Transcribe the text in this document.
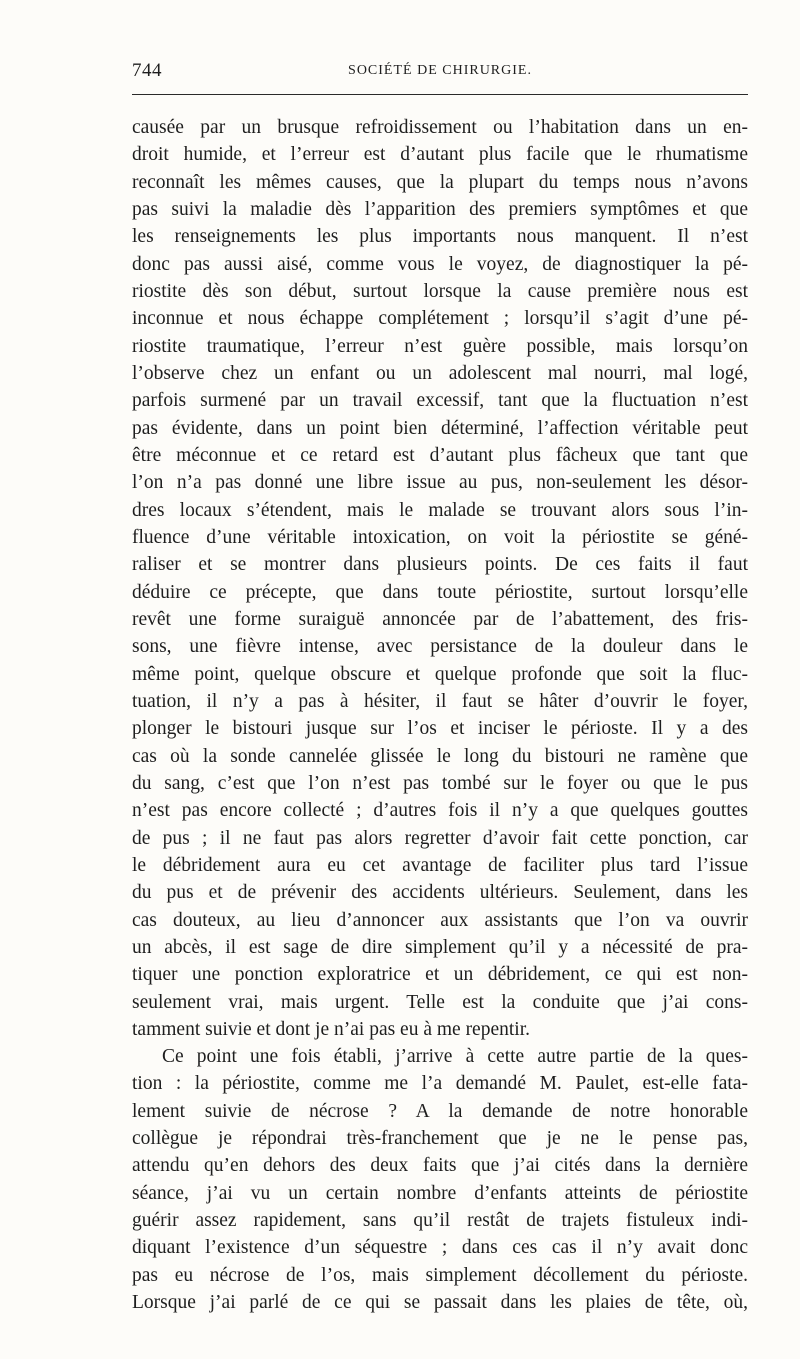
744	SOCIÉTÉ DE CHIRURGIE.
causée par un brusque refroidissement ou l’habitation dans un en-
droit humide, et l’erreur est d’autant plus facile que le rhumatisme
reconnaît les mêmes causes, que la plupart du temps nous n’avons
pas suivi la maladie dès l’apparition des premiers symptômes et que
les renseignements les plus importants nous manquent. Il n’est
donc pas aussi aisé, comme vous le voyez, de diagnostiquer la pé-
riostite dès son début, surtout lorsque la cause première nous est
inconnue et nous échappe complétement ; lorsqu’il s’agit d’une pé-
riostite traumatique, l’erreur n’est guère possible, mais lorsqu’on
l’observe chez un enfant ou un adolescent mal nourri, mal logé,
parfois surmené par un travail excessif, tant que la fluctuation n’est
pas évidente, dans un point bien déterminé, l’affection véritable peut
être méconnue et ce retard est d’autant plus fâcheux que tant que
l’on n’a pas donné une libre issue au pus, non-seulement les désor-
dres locaux s’étendent, mais le malade se trouvant alors sous l’in-
fluence d’une véritable intoxication, on voit la périostite se géné-
raliser et se montrer dans plusieurs points. De ces faits il faut
déduire ce précepte, que dans toute périostite, surtout lorsqu’elle
revêt une forme suraiguë annoncée par de l’abattement, des fris-
sons, une fièvre intense, avec persistance de la douleur dans le
même point, quelque obscure et quelque profonde que soit la fluc-
tuation, il n’y a pas à hésiter, il faut se hâter d’ouvrir le foyer,
plonger le bistouri jusque sur l’os et inciser le périoste. Il y a des
cas où la sonde cannelée glissée le long du bistouri ne ramène que
du sang, c’est que l’on n’est pas tombé sur le foyer ou que le pus
n’est pas encore collecté ; d’autres fois il n’y a que quelques gouttes
de pus ; il ne faut pas alors regretter d’avoir fait cette ponction, car
le débridement aura eu cet avantage de faciliter plus tard l’issue
du pus et de prévenir des accidents ultérieurs. Seulement, dans les
cas douteux, au lieu d’annoncer aux assistants que l’on va ouvrir
un abcès, il est sage de dire simplement qu’il y a nécessité de pra-
tiquer une ponction exploratrice et un débridement, ce qui est non-
seulement vrai, mais urgent. Telle est la conduite que j’ai cons-
tamment suivie et dont je n’ai pas eu à me repentir.
Ce point une fois établi, j’arrive à cette autre partie de la ques-
tion : la périostite, comme me l’a demandé M. Paulet, est-elle fata-
lement suivie de nécrose ? A la demande de notre honorable
collègue je répondrai très-franchement que je ne le pense pas,
attendu qu’en dehors des deux faits que j’ai cités dans la dernière
séance, j’ai vu un certain nombre d’enfants atteints de périostite
guérir assez rapidement, sans qu’il restât de trajets fistuleux indi-
diquant l’existence d’un séquestre ; dans ces cas il n’y avait donc
pas eu nécrose de l’os, mais simplement décollement du périoste.
Lorsque j’ai parlé de ce qui se passait dans les plaies de tête, où,
